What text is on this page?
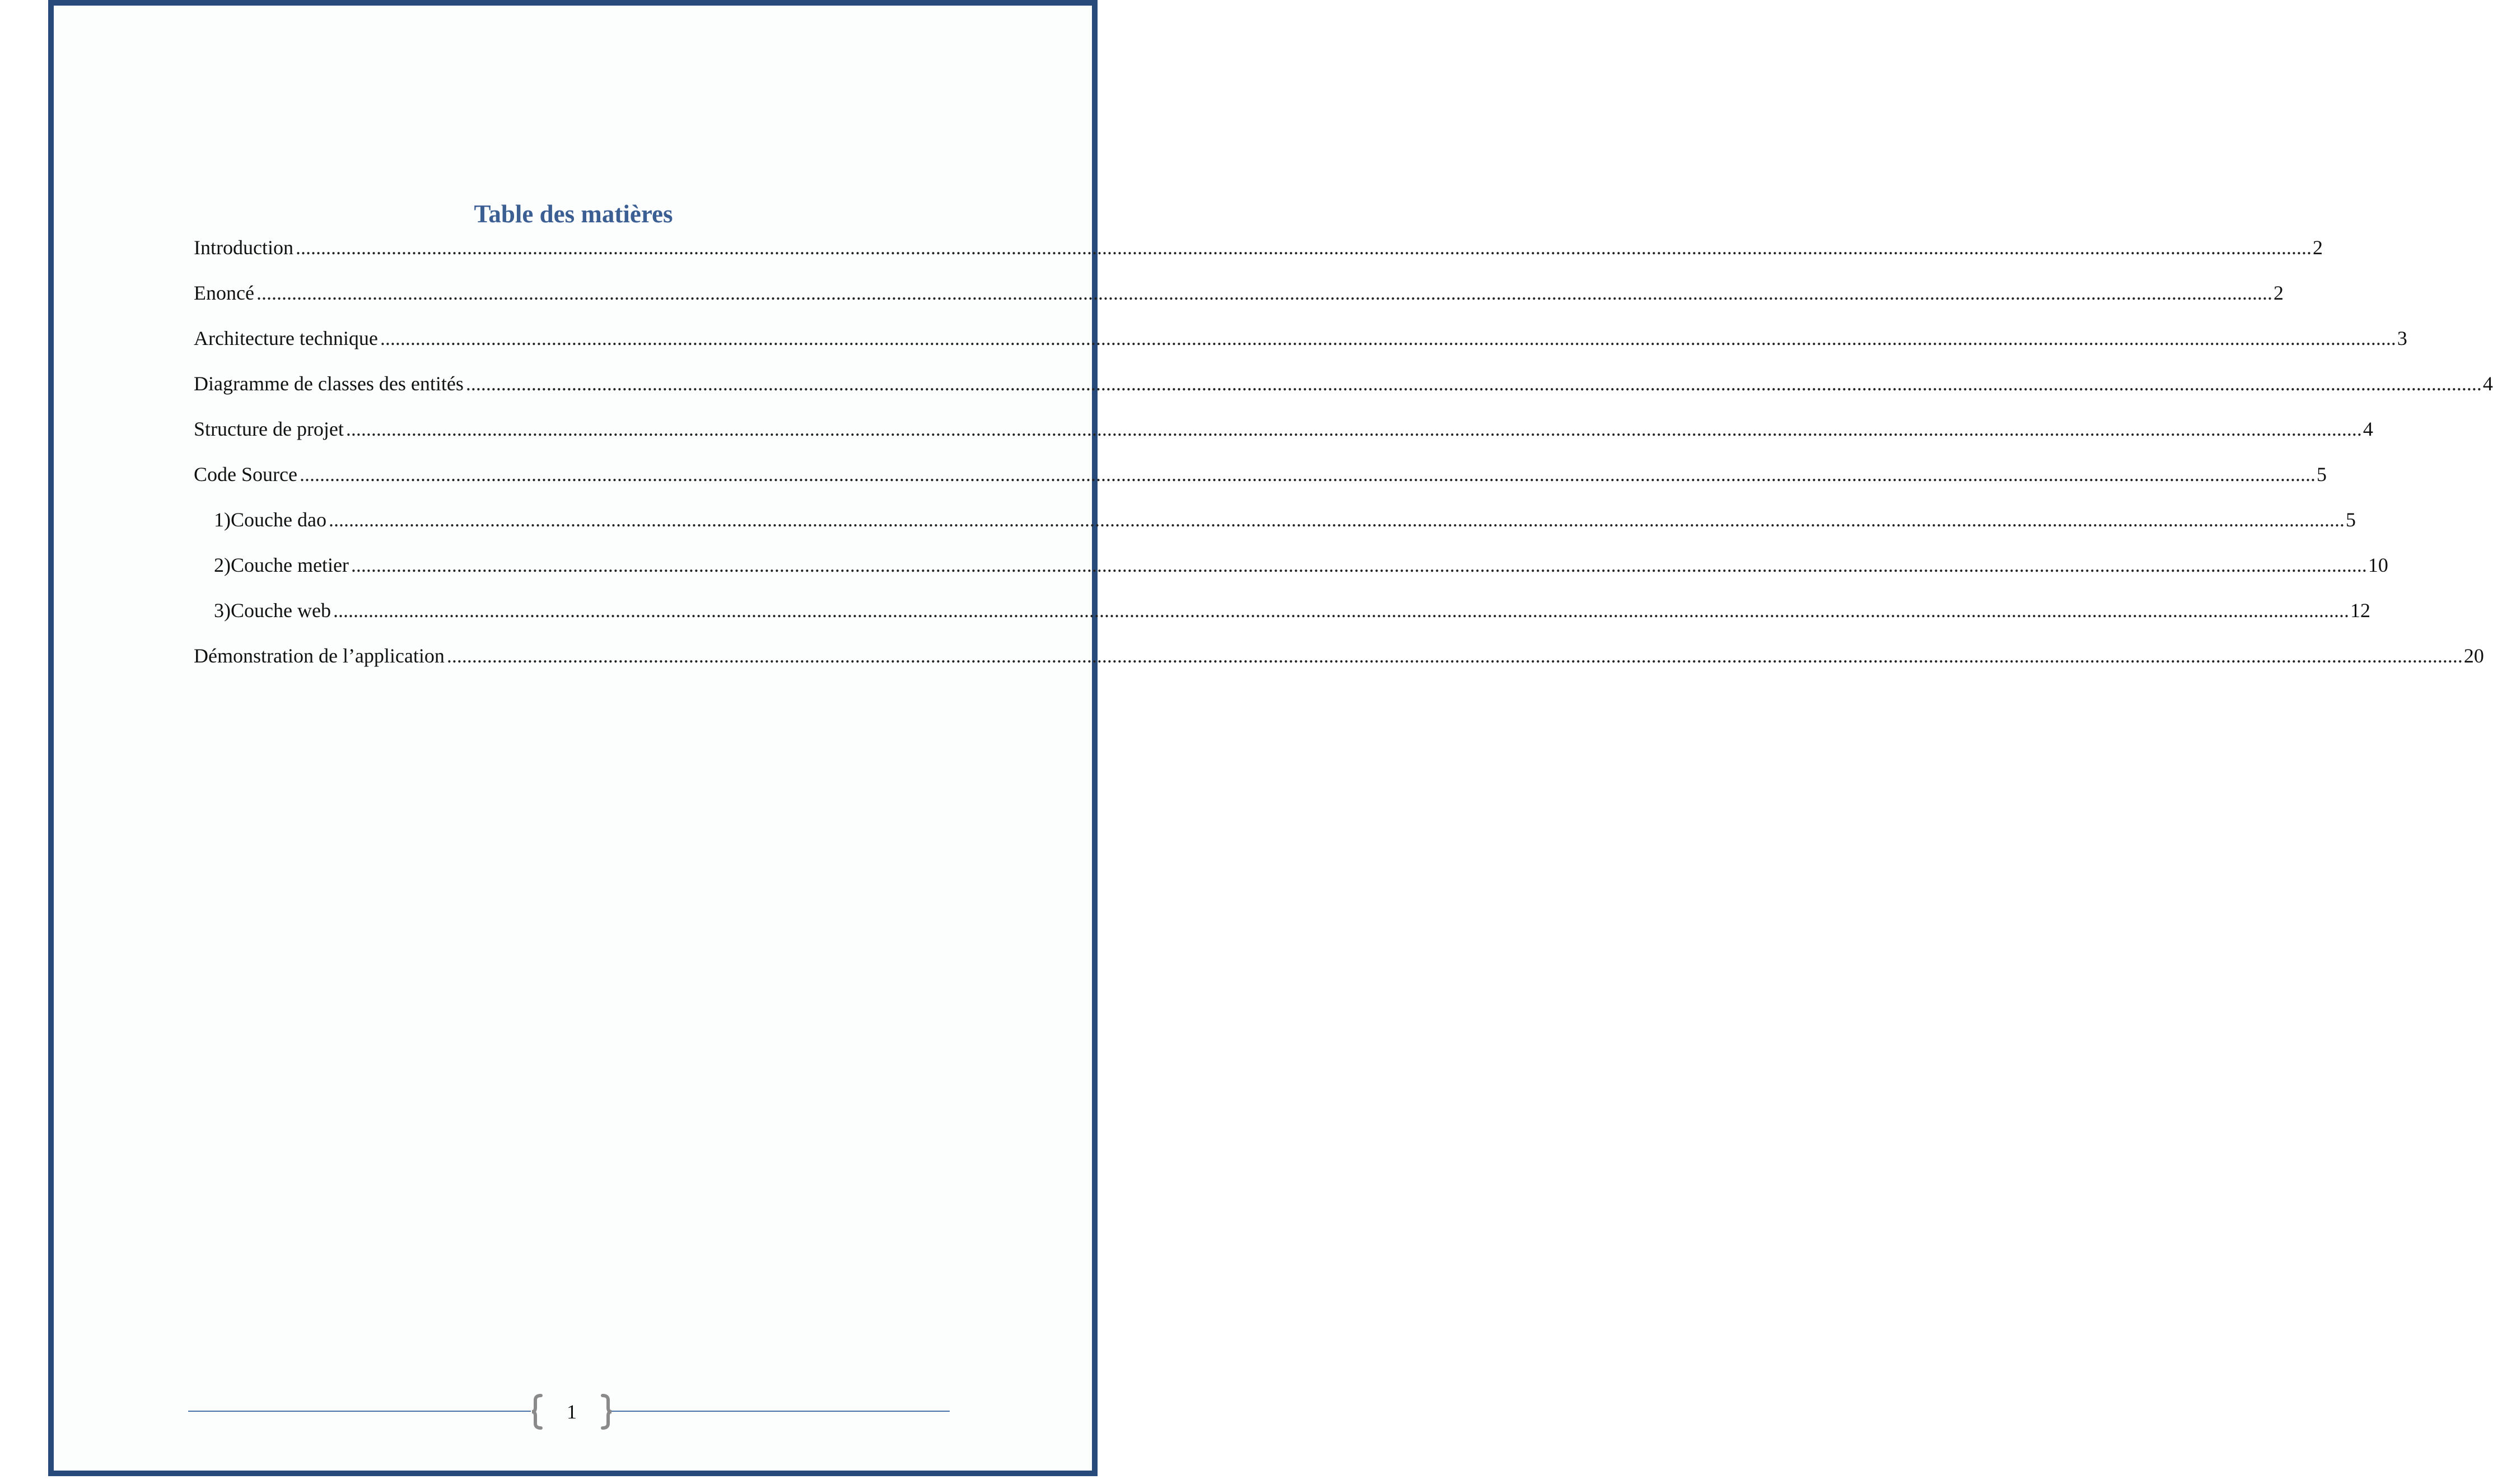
Table des matières
Introduction ................................................................................................................................................................................................................................................................................................................................................................................................................ 2
Enoncé ................................................................................................................................................................................................................................................................................................................................................................................................................ 2
Architecture technique ................................................................................................................................................................................................................................................................................................................................................................................................................ 3
Diagramme de classes des entités ................................................................................................................................................................................................................................................................................................................................................................................................................ 4
Structure de projet ................................................................................................................................................................................................................................................................................................................................................................................................................ 4
Code Source ................................................................................................................................................................................................................................................................................................................................................................................................................ 5
1) Couche dao ................................................................................................................................................................................................................................................................................................................................................................................................................ 5
2) Couche metier ................................................................................................................................................................................................................................................................................................................................................................................................................ 10
3) Couche web ................................................................................................................................................................................................................................................................................................................................................................................................................ 12
Démonstration de l’application ................................................................................................................................................................................................................................................................................................................................................................................................................ 20
1
